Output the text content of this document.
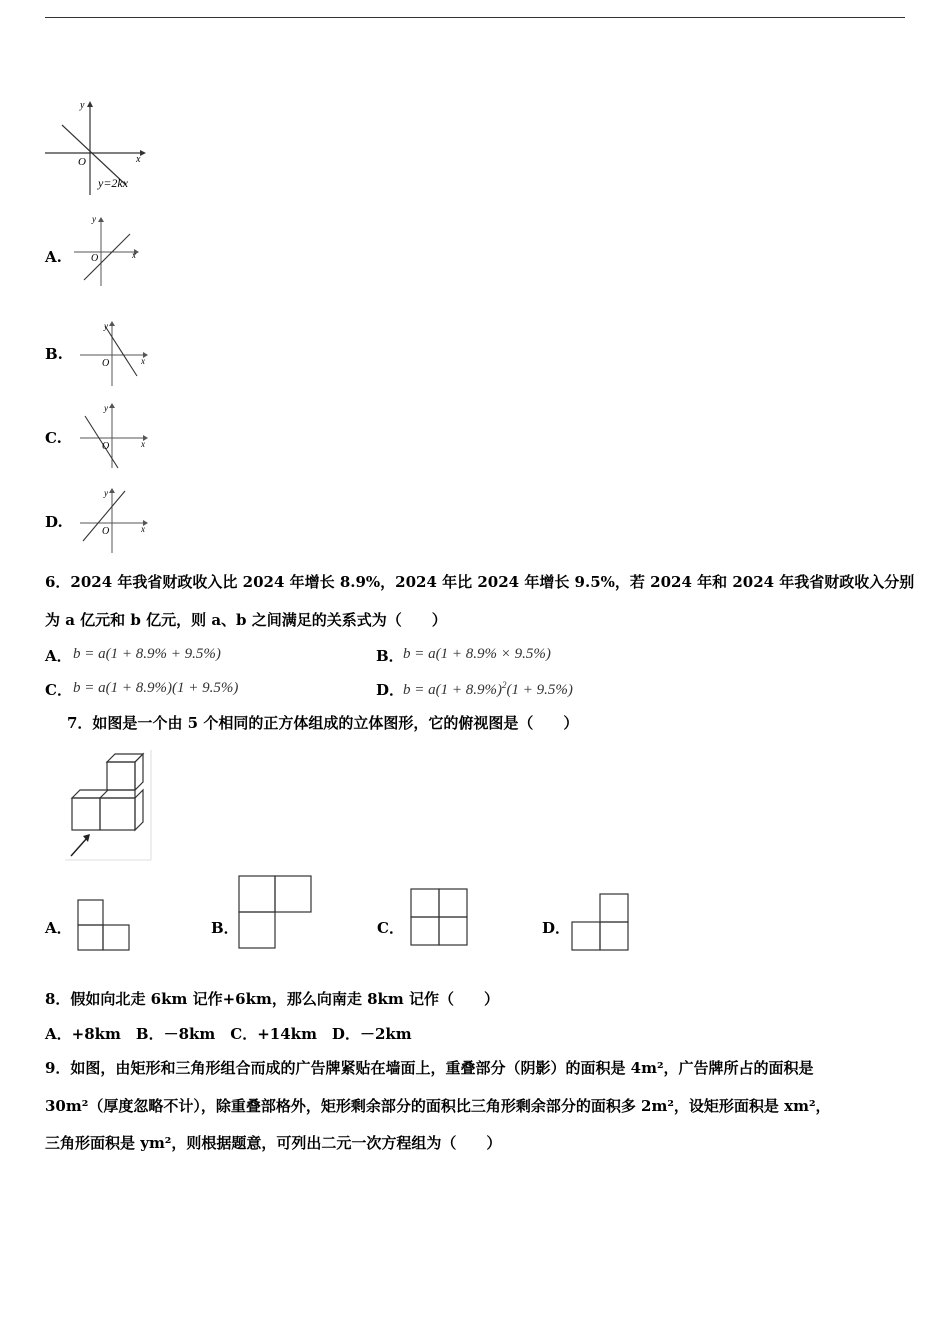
y
x
O
y=2kx
A.
y
x
O
B.
y
x
O
C.
y
x
O
D.
y
x
O
6．2024 年我省财政收入比 2024 年增长 8.9%，2024 年比 2024 年增长 9.5%，若 2024 年和 2024 年我省财政收入分别
为 a 亿元和 b 亿元，则 a、b 之间满足的关系式为（　　）
A． b = a(1 + 8.9% + 9.5%)	B． b = a(1 + 8.9% × 9.5%)
C． b = a(1 + 8.9%)(1 + 9.5%)	D．
$b = a(1 + 8.9\%)^2(1 + 9.5\%)$
7．如图是一个由 5 个相同的正方体组成的立体图形，它的俯视图是（　　）
A．	B．	C．	D．
8．假如向北走 6km 记作+6km，那么向南走 8km 记作（　　）
A．+8km　B．－8km　C．+14km　D．－2km
9．如图，由矩形和三角形组合而成的广告牌紧贴在墙面上，重叠部分（阴影）的面积是 4m²，广告牌所占的面积是
30m²（厚度忽略不计），除重叠部格外，矩形剩余部分的面积比三角形剩余部分的面积多 2m²，设矩形面积是 xm²，
三角形面积是 ym²，则根据题意，可列出二元一次方程组为（　　）
